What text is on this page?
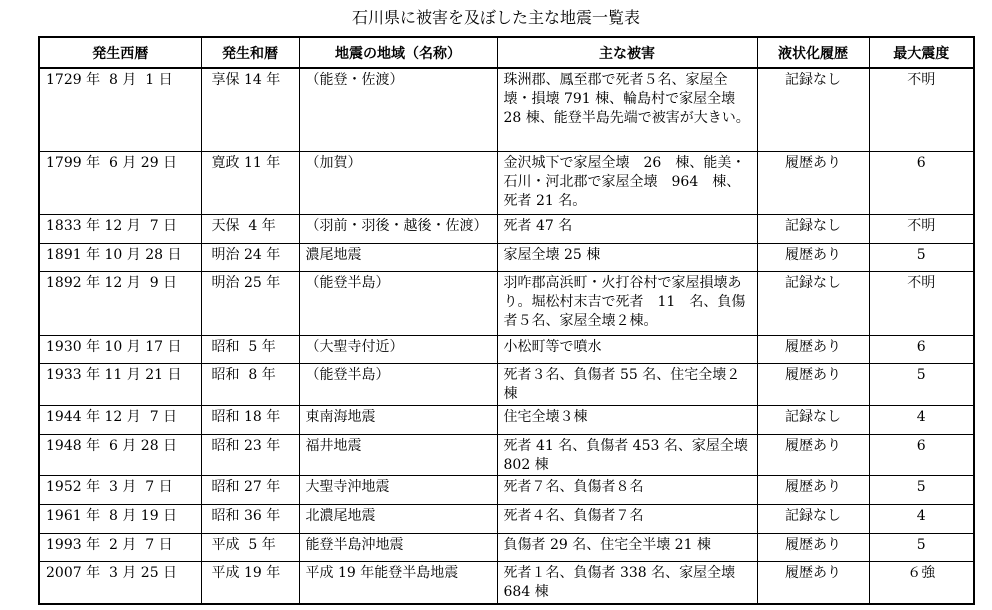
石川県に被害を及ぼした主な地震一覧表
発生西暦	発生和暦	地震の地域（名称）	主な被害	液状化履歴	最大震度
1729 年  8 月  1 日	享保 14 年	（能登・佐渡）	珠洲郡、鳳至郡で死者５名、家屋全壊・損壊 791 棟、輪島村で家屋全壊 28 棟、能登半島先端で被害が大きい。	記録なし	不明

1799 年  6 月 29 日	寛政 11 年	（加賀）	金沢城下で家屋全壊　26　棟、能美・石川・河北郡で家屋全壊　964　棟、死者 21 名。	履歴あり	6

1833 年 12 月  7 日	天保  4 年	（羽前・羽後・越後・佐渡）	死者 47 名	記録なし	不明

1891 年 10 月 28 日	明治 24 年	濃尾地震	家屋全壊 25 棟	履歴あり	5

1892 年 12 月  9 日	明治 25 年	（能登半島）	羽咋郡高浜町・火打谷村で家屋損壊あり。堀松村末吉で死者　11　名、負傷者５名、家屋全壊２棟。	記録なし	不明

1930 年 10 月 17 日	昭和  5 年	（大聖寺付近）	小松町等で噴水	履歴あり	6

1933 年 11 月 21 日	昭和  8 年	（能登半島）	死者３名、負傷者 55 名、住宅全壊２棟	履歴あり	5

1944 年 12 月  7 日	昭和 18 年	東南海地震	住宅全壊３棟	記録なし	4

1948 年  6 月 28 日	昭和 23 年	福井地震	死者 41 名、負傷者 453 名、家屋全壊 802 棟	履歴あり	6

1952 年  3 月  7 日	昭和 27 年	大聖寺沖地震	死者７名、負傷者８名	履歴あり	5

1961 年  8 月 19 日	昭和 36 年	北濃尾地震	死者４名、負傷者７名	記録なし	4

1993 年  2 月  7 日	平成  5 年	能登半島沖地震	負傷者 29 名、住宅全半壊 21 棟	履歴あり	5

2007 年  3 月 25 日	平成 19 年	平成 19 年能登半島地震	死者１名、負傷者 338 名、家屋全壊 684 棟	履歴あり	６強
